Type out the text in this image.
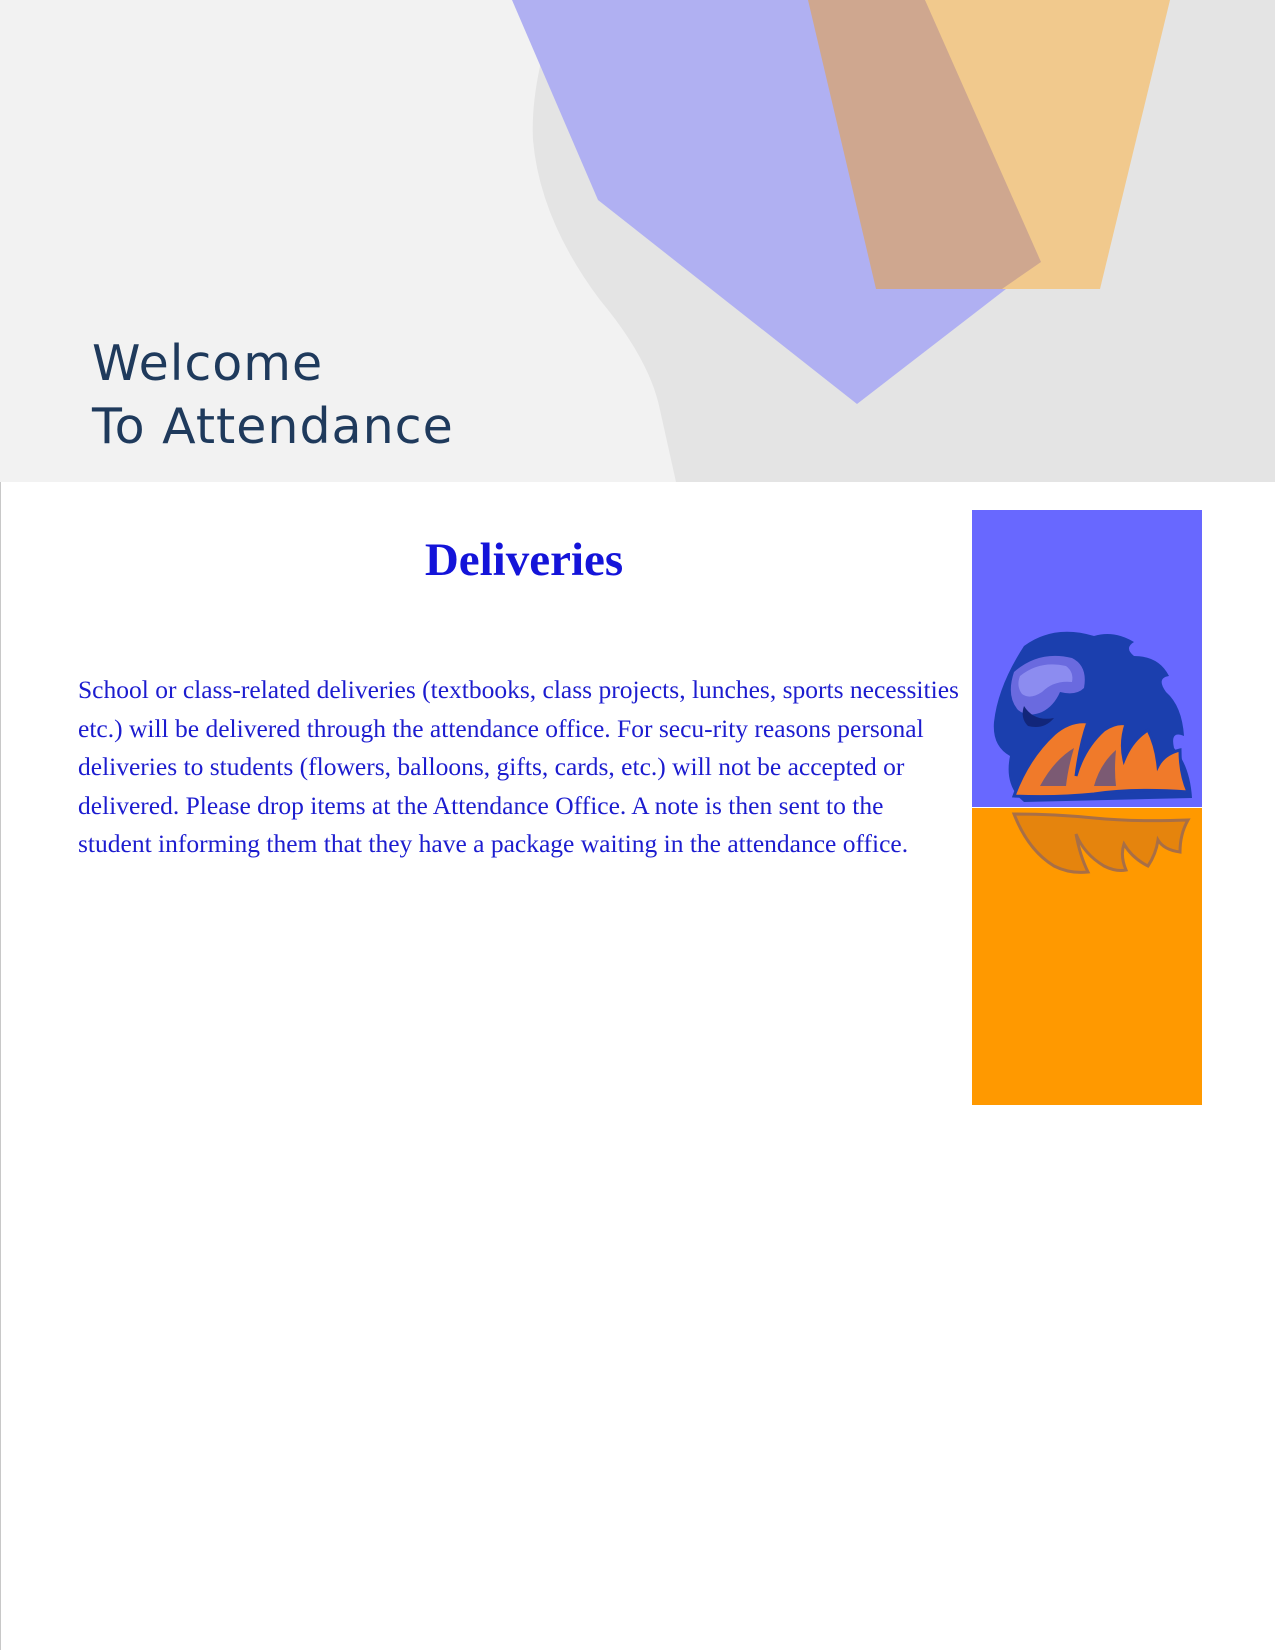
Welcome
To Attendance
Deliveries

School or class-related deliveries (textbooks, class projects, lunches, sports necessities etc.) will be delivered through the attendance office. For secu-rity reasons personal deliveries to students (flowers, balloons, gifts, cards, etc.) will not be accepted or delivered. Please drop items at the Attendance Office. A note is then sent to the student informing them that they have a package waiting in the attendance office.
